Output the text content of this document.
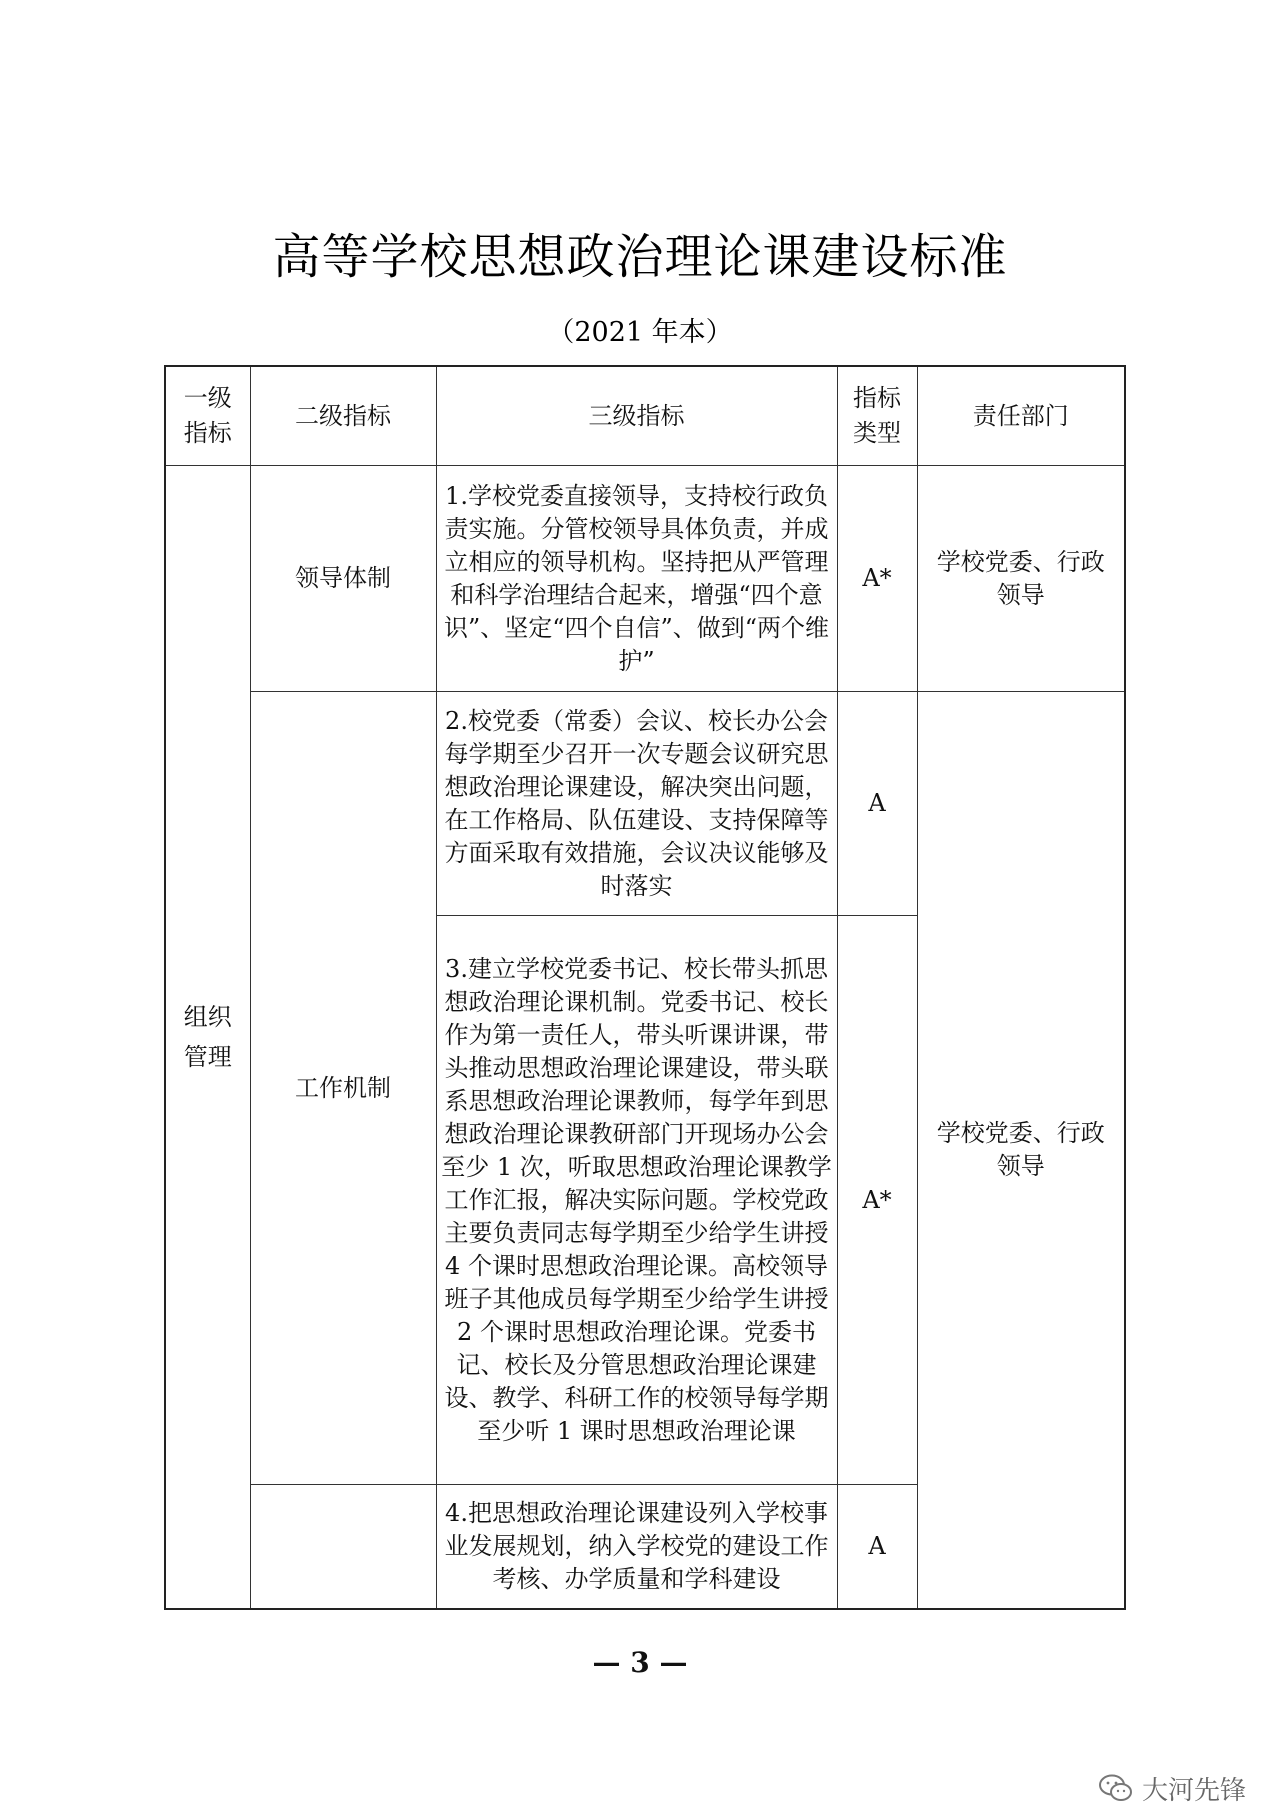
高等学校思想政治理论课建设标准
（2021 年本）
一级指标	二级指标	三级指标	指标类型	责任部门

组织管理	领导体制	1.学校党委直接领导，支持校行政负责实施。分管校领导具体负责，并成立相应的领导机构。坚持把从严管理和科学治理结合起来，增强“四个意识”、坚定“四个自信”、做到“两个维护”	A*	学校党委、行政领导

	工作机制	2.校党委（常委）会议、校长办公会每学期至少召开一次专题会议研究思想政治理论课建设，解决突出问题，在工作格局、队伍建设、支持保障等方面采取有效措施，会议决议能够及时落实	A	学校党委、行政领导

		3.建立学校党委书记、校长带头抓思想政治理论课机制。党委书记、校长作为第一责任人，带头听课讲课，带头推动思想政治理论课建设，带头联系思想政治理论课教师，每学年到思想政治理论课教研部门开现场办公会至少 1 次，听取思想政治理论课教学工作汇报，解决实际问题。学校党政主要负责同志每学期至少给学生讲授 4 个课时思想政治理论课。高校领导班子其他成员每学期至少给学生讲授 2 个课时思想政治理论课。党委书记、校长及分管思想政治理论课建设、教学、科研工作的校领导每学期至少听 1 课时思想政治理论课	A*	
		4.把思想政治理论课建设列入学校事业发展规划，纳入学校党的建设工作考核、办学质量和学科建设	A	
— 3 —
大河先锋
